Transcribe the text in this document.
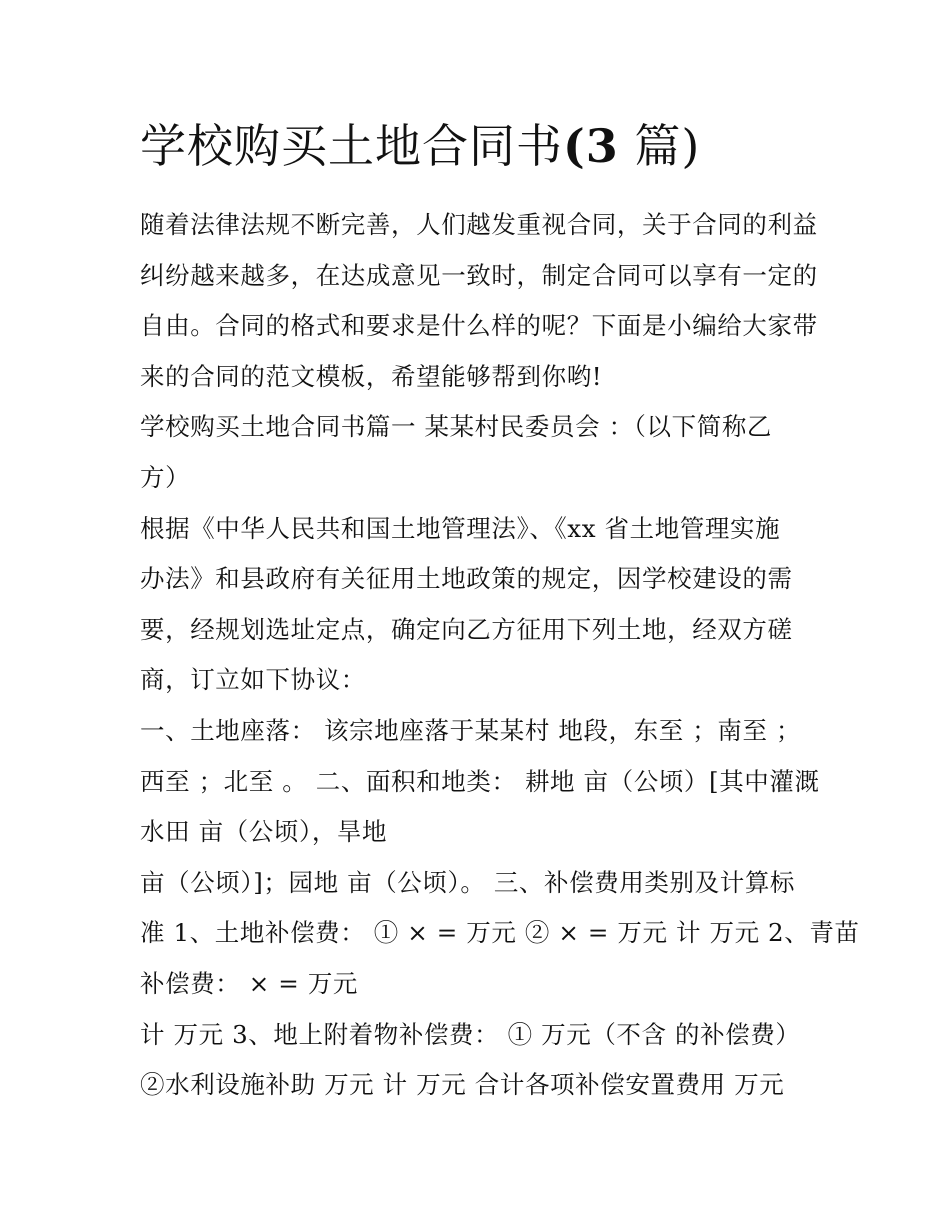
学校购买土地合同书(3 篇)
随着法律法规不断完善，人们越发重视合同，关于合同的利益
纠纷越来越多，在达成意见一致时，制定合同可以享有一定的
自由。合同的格式和要求是什么样的呢？下面是小编给大家带
来的合同的范文模板，希望能够帮到你哟!
学校购买土地合同书篇一 某某村民委员会 ：（以下简称乙
方）
根据《中华人民共和国土地管理法》、《xx 省土地管理实施
办法》和县政府有关征用土地政策的规定，因学校建设的需
要，经规划选址定点，确定向乙方征用下列土地，经双方磋
商，订立如下协议：
一、土地座落： 该宗地座落于某某村 地段，东至 ；南至 ；
西至 ；北至 。 二、面积和地类： 耕地 亩（公顷）[其中灌溉
水田 亩（公顷），旱地
亩（公顷）]；园地 亩（公顷）。 三、补偿费用类别及计算标
准 1、土地补偿费： ① × = 万元 ② × = 万元 计 万元 2、青苗
补偿费： × = 万元
计 万元 3、地上附着物补偿费： ① 万元（不含 的补偿费）
②水利设施补助 万元 计 万元 合计各项补偿安置费用 万元
